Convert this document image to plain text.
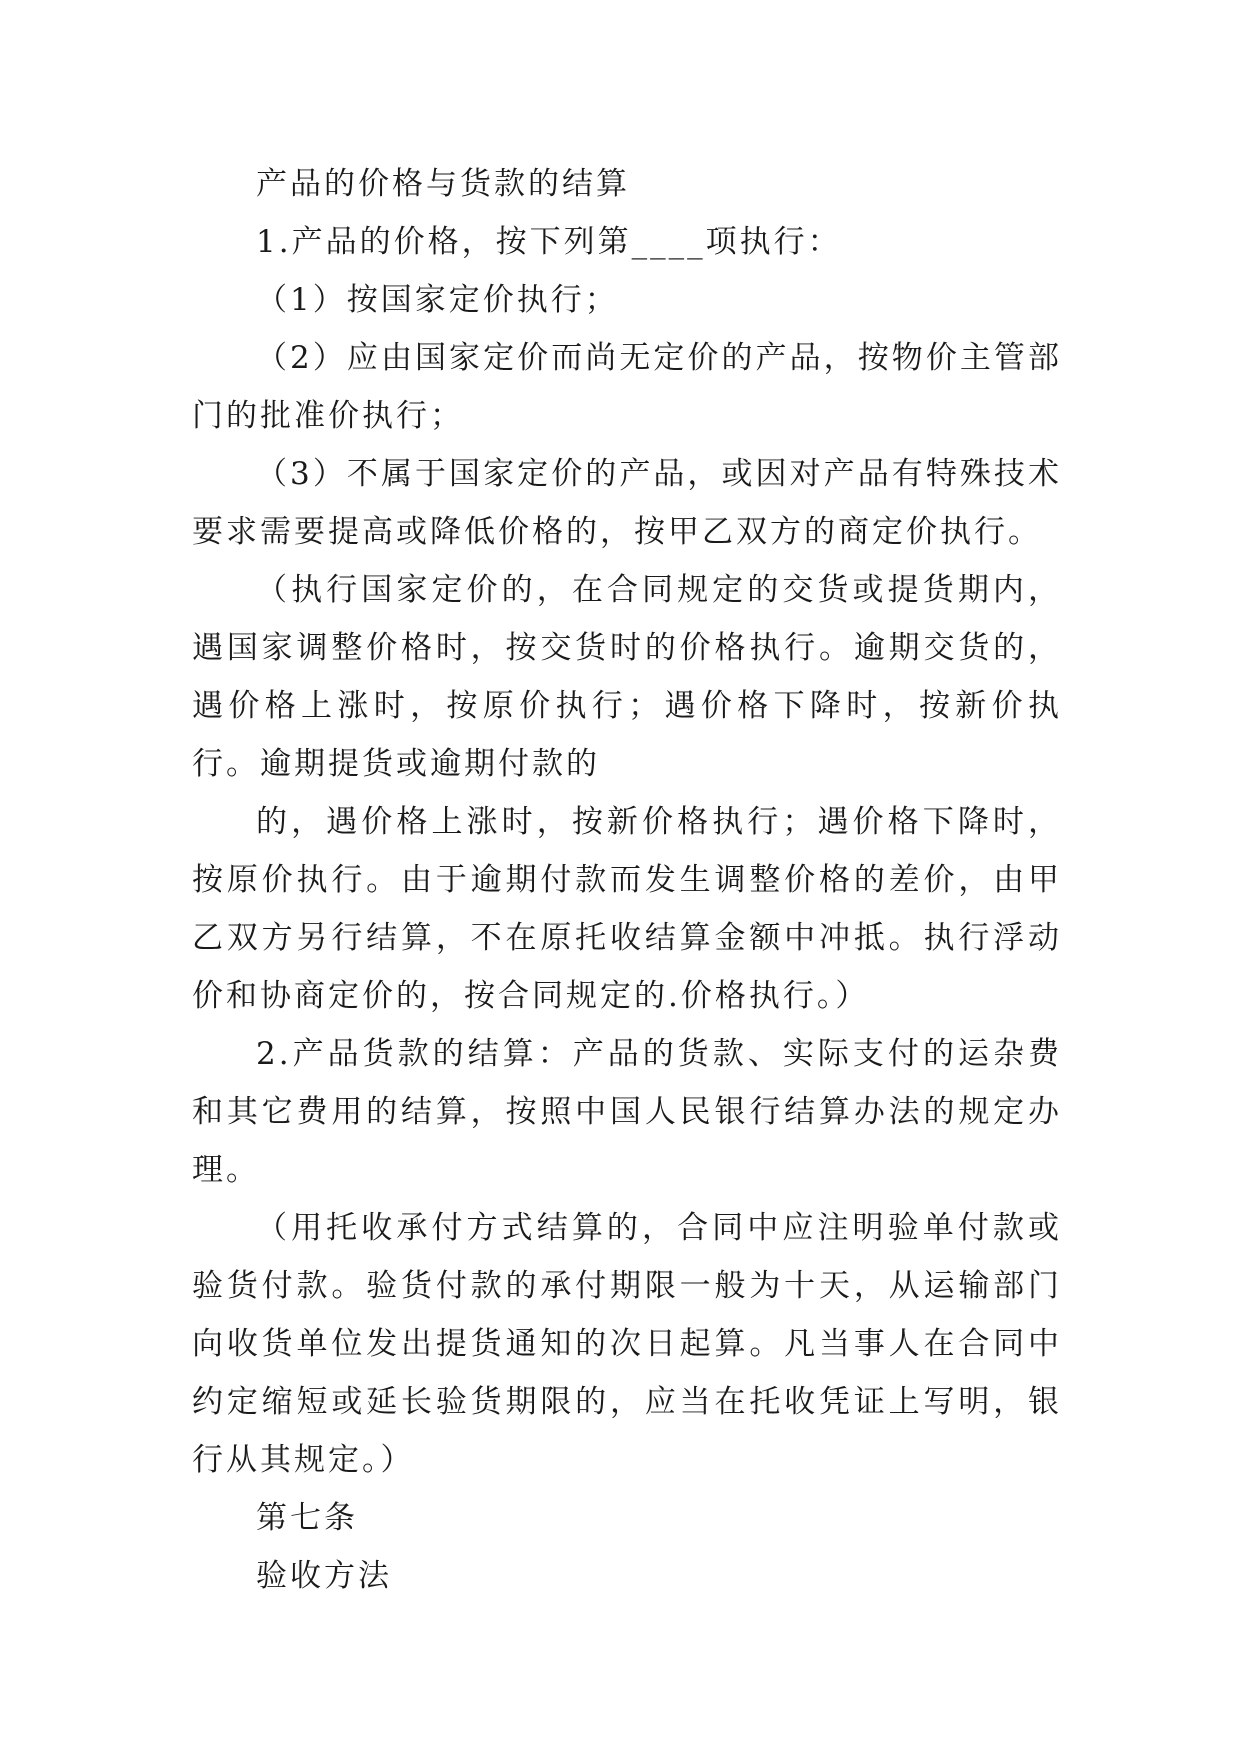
产品的价格与货款的结算

1.产品的价格，按下列第____项执行：

（1）按国家定价执行；

（2）应由国家定价而尚无定价的产品，按物价主管部门的批准价执行；

（3）不属于国家定价的产品，或因对产品有特殊技术要求需要提高或降低价格的，按甲乙双方的商定价执行。

（执行国家定价的，在合同规定的交货或提货期内，遇国家调整价格时，按交货时的价格执行。逾期交货的，遇价格上涨时，按原价执行；遇价格下降时，按新价执行。逾期提货或逾期付款的

的，遇价格上涨时，按新价格执行；遇价格下降时，按原价执行。由于逾期付款而发生调整价格的差价，由甲乙双方另行结算，不在原托收结算金额中冲抵。执行浮动价和协商定价的，按合同规定的.价格执行。）

2.产品货款的结算：产品的货款、实际支付的运杂费和其它费用的结算，按照中国人民银行结算办法的规定办理。

（用托收承付方式结算的，合同中应注明验单付款或验货付款。验货付款的承付期限一般为十天，从运输部门向收货单位发出提货通知的次日起算。凡当事人在合同中约定缩短或延长验货期限的，应当在托收凭证上写明，银行从其规定。）

第七条

验收方法
